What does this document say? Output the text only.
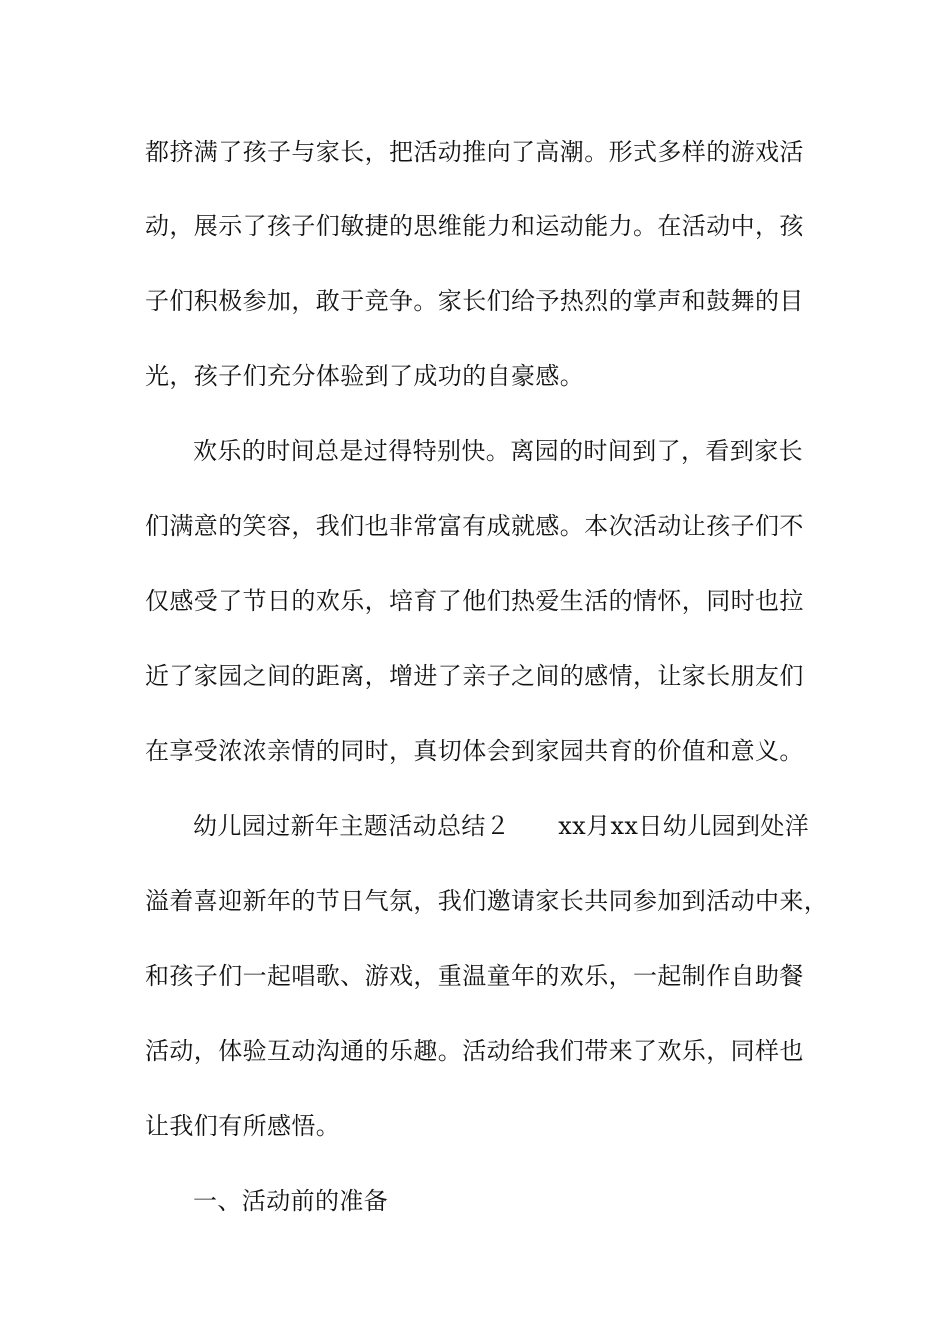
都挤满了孩子与家长，把活动推向了高潮。形式多样的游戏活
动，展示了孩子们敏捷的思维能力和运动能力。在活动中，孩
子们积极参加，敢于竞争。家长们给予热烈的掌声和鼓舞的目
光，孩子们充分体验到了成功的自豪感。
欢乐的时间总是过得特别快。离园的时间到了，看到家长
们满意的笑容，我们也非常富有成就感。本次活动让孩子们不
仅感受了节日的欢乐，培育了他们热爱生活的情怀，同时也拉
近了家园之间的距离，增进了亲子之间的感情，让家长朋友们
在享受浓浓亲情的同时，真切体会到家园共育的价值和意义。
幼儿园过新年主题活动总结２ xx月xx日幼儿园到处洋
溢着喜迎新年的节日气氛，我们邀请家长共同参加到活动中来，
和孩子们一起唱歌、游戏，重温童年的欢乐，一起制作自助餐
活动，体验互动沟通的乐趣。活动给我们带来了欢乐，同样也
让我们有所感悟。
一、活动前的准备
